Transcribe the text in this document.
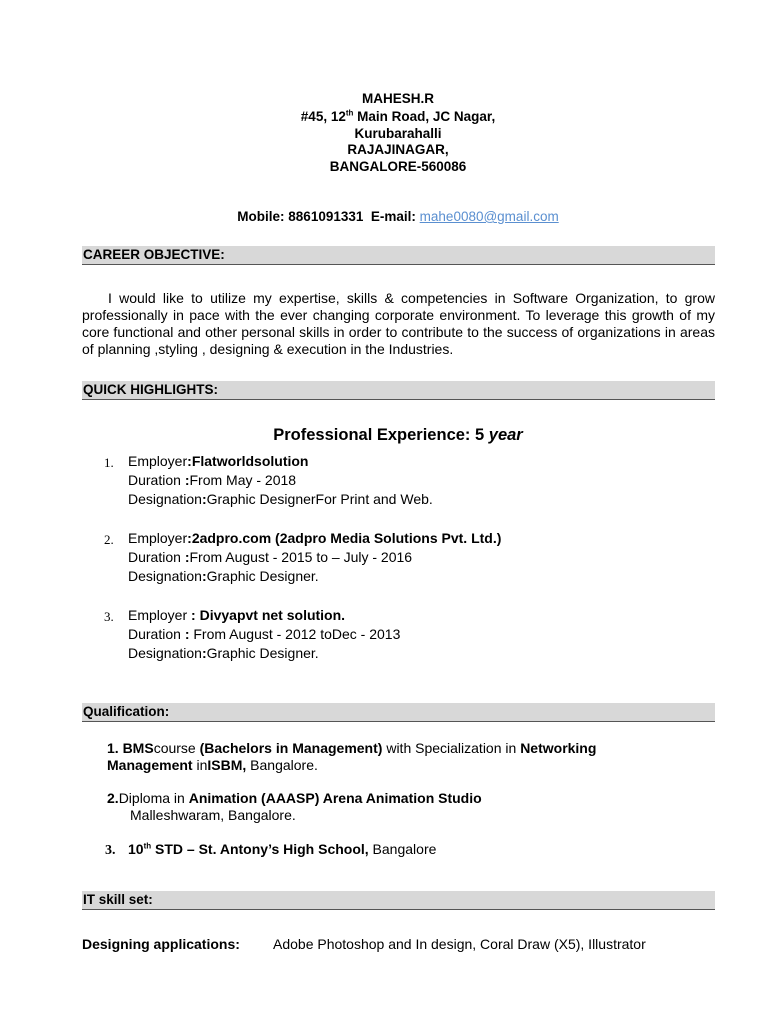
MAHESH.R
#45, 12th Main Road, JC Nagar,
Kurubarahalli
RAJAJINAGAR,
BANGALORE-560086
Mobile: 8861091331 E-mail: mahe0080@gmail.com
CAREER OBJECTIVE:
I would like to utilize my expertise, skills & competencies in Software Organization, to grow professionally in pace with the ever changing corporate environment. To leverage this growth of my core functional and other personal skills in order to contribute to the success of organizations in areas of planning ,styling , designing & execution in the Industries.
QUICK HIGHLIGHTS:
Professional Experience: 5 year
1. Employer:Flatworldsolution
Duration :From May - 2018
Designation:Graphic DesignerFor Print and Web.
2. Employer:2adpro.com (2adpro Media Solutions Pvt. Ltd.)
Duration :From August - 2015 to – July - 2016
Designation:Graphic Designer.
3. Employer : Divyapvt net solution.
Duration : From August - 2012 toDec - 2013
Designation:Graphic Designer.
Qualification:
1. BMScourse (Bachelors in Management) with Specialization in Networking
Management inISBM, Bangalore.
2.Diploma in Animation (AAASP) Arena Animation Studio
Malleshwaram, Bangalore.
3. 10th STD – St. Antony’s High School, Bangalore
IT skill set:
Designing applications: Adobe Photoshop and In design, Coral Draw (X5), Illustrator
